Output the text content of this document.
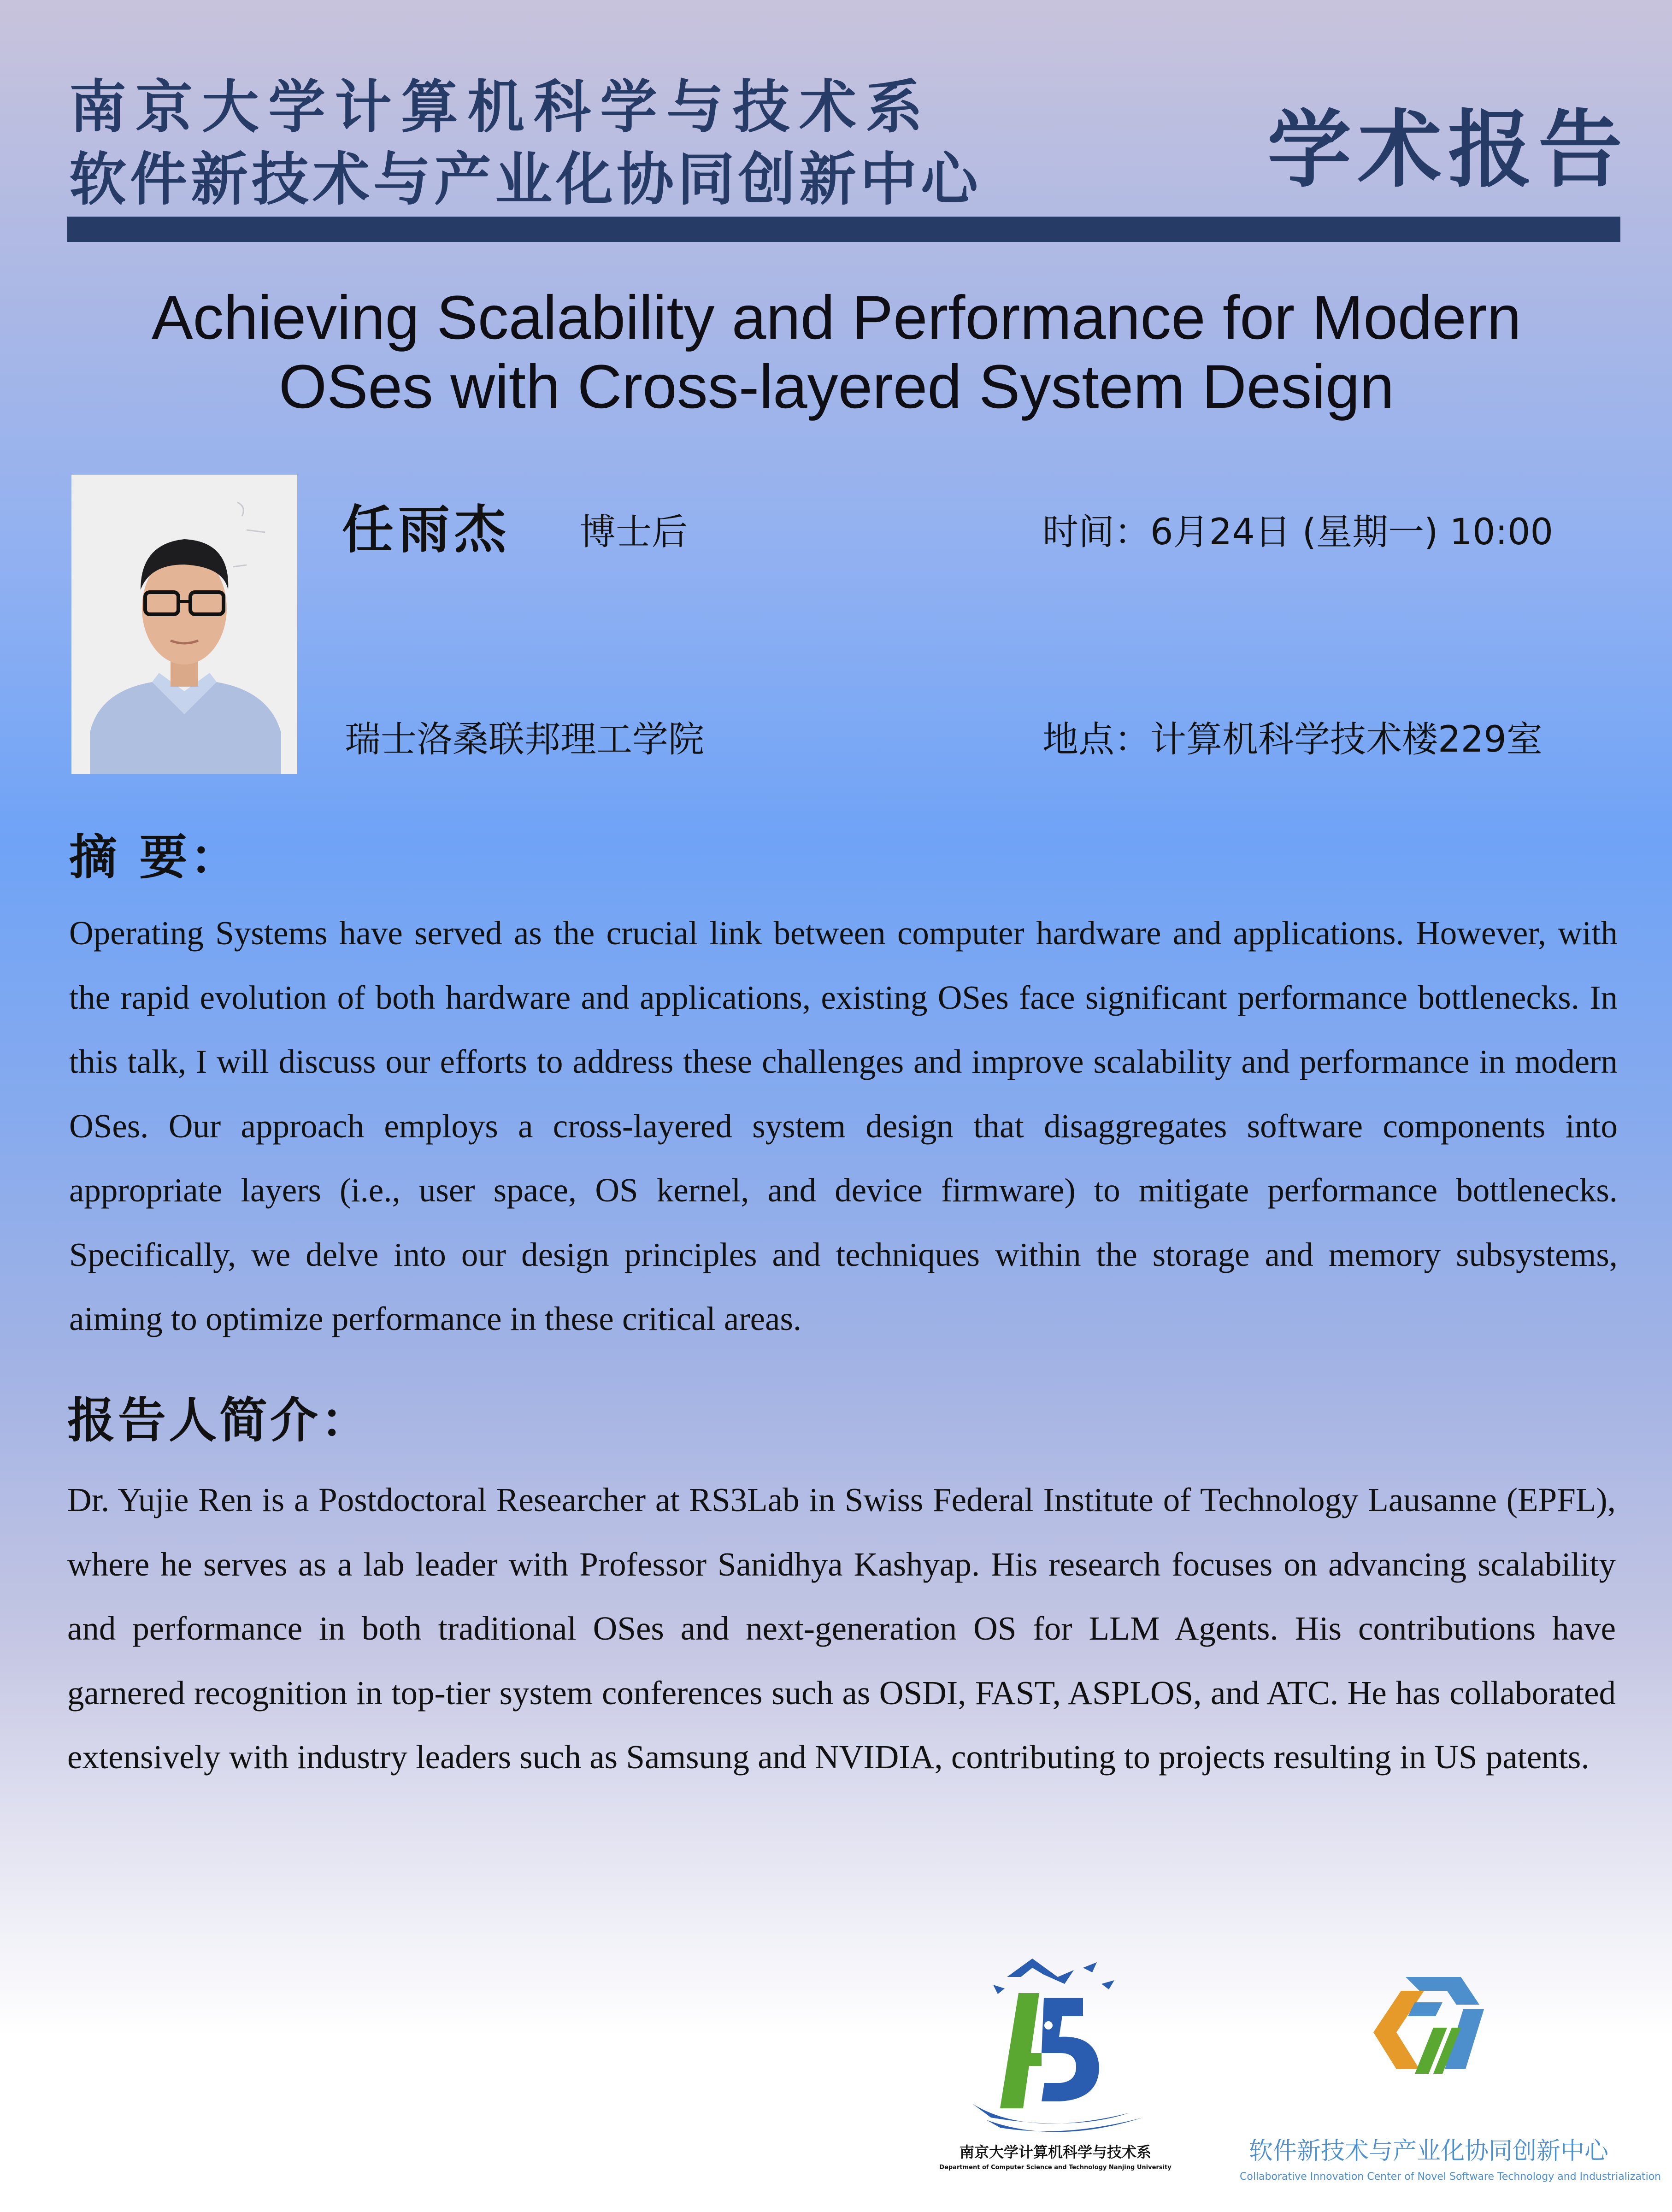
南京大学计算机科学与技术系
软件新技术与产业化协同创新中心	学术报告
Achieving Scalability and Performance for Modern
OSes with Cross-layered System Design
任雨杰 博士后	时间：6月24日 (星期一) 10:00
瑞士洛桑联邦理工学院	地点：计算机科学技术楼229室
摘 要：
Operating Systems have served as the crucial link between computer hardware and applications. However, with the rapid evolution of both hardware and applications, existing OSes face significant performance bottlenecks. In this talk, I will discuss our efforts to address these challenges and improve scalability and performance in modern OSes. Our approach employs a cross-layered system design that disaggregates software components into appropriate layers (i.e., user space, OS kernel, and device firmware) to mitigate performance bottlenecks. Specifically, we delve into our design principles and techniques within the storage and memory subsystems, aiming to optimize performance in these critical areas.
报告人简介：
Dr. Yujie Ren is a Postdoctoral Researcher at RS3Lab in Swiss Federal Institute of Technology Lausanne (EPFL), where he serves as a lab leader with Professor Sanidhya Kashyap. His research focuses on advancing scalability and performance in both traditional OSes and next-generation OS for LLM Agents. His contributions have garnered recognition in top-tier system conferences such as OSDI, FAST, ASPLOS, and ATC. He has collaborated extensively with industry leaders such as Samsung and NVIDIA, contributing to projects resulting in US patents.
南京大学计算机科学与技术系
Department of Computer Science and Technology Nanjing University
软件新技术与产业化协同创新中心
Collaborative Innovation Center of Novel Software Technology and Industrialization
